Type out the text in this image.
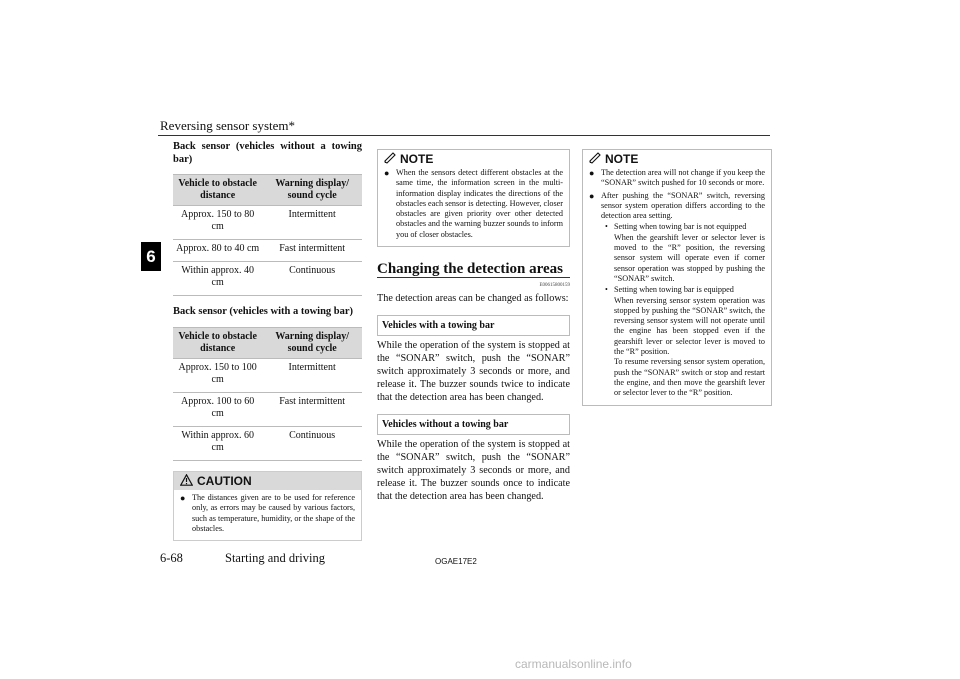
Reversing sensor system*
6
Back sensor (vehicles without a towing bar)
Vehicle to obstacle distance	Warning display/ sound cycle
Approx. 150 to 80 cm	Intermittent
Approx. 80 to 40 cm	Fast intermittent
Within approx. 40 cm	Continuous
Back sensor (vehicles with a towing bar)
Vehicle to obstacle distance	Warning display/ sound cycle
Approx. 150 to 100 cm	Intermittent
Approx. 100 to 60 cm	Fast intermittent
Within approx. 60 cm	Continuous
CAUTION
● The distances given are to be used for reference only, as errors may be caused by various factors, such as temperature, humidity, or the shape of the obstacles.
NOTE
● When the sensors detect different obstacles at the same time, the information screen in the multi-information display indicates the directions of the obstacles each sensor is detecting. However, closer obstacles are given priority over other detected obstacles and the warning buzzer sounds to inform you of closer obstacles.
Changing the detection areas
E00615800159
The detection areas can be changed as follows:
Vehicles with a towing bar
While the operation of the system is stopped at the “SONAR” switch, push the “SONAR” switch approximately 3 seconds or more, and release it. The buzzer sounds twice to indicate that the detection area has been changed.
Vehicles without a towing bar
While the operation of the system is stopped at the “SONAR” switch, push the “SONAR” switch approximately 3 seconds or more, and release it. The buzzer sounds once to indicate that the detection area has been changed.
NOTE
● The detection area will not change if you keep the “SONAR” switch pushed for 10 seconds or more.
● After pushing the “SONAR” switch, reversing sensor system operation differs according to the detection area setting.
• Setting when towing bar is not equipped
When the gearshift lever or selector lever is moved to the “R” position, the reversing sensor system will operate even if corner sensor operation was stopped by pushing the “SONAR” switch.
• Setting when towing bar is equipped
When reversing sensor system operation was stopped by pushing the “SONAR” switch, the reversing sensor system will not operate until the engine has been stopped even if the gearshift lever or selector lever is moved to the “R” position.
To resume reversing sensor system operation, push the “SONAR” switch or stop and restart the engine, and then move the gearshift lever or selector lever to the “R” position.
6-68	Starting and driving	OGAE17E2
carmanualsonline.info
